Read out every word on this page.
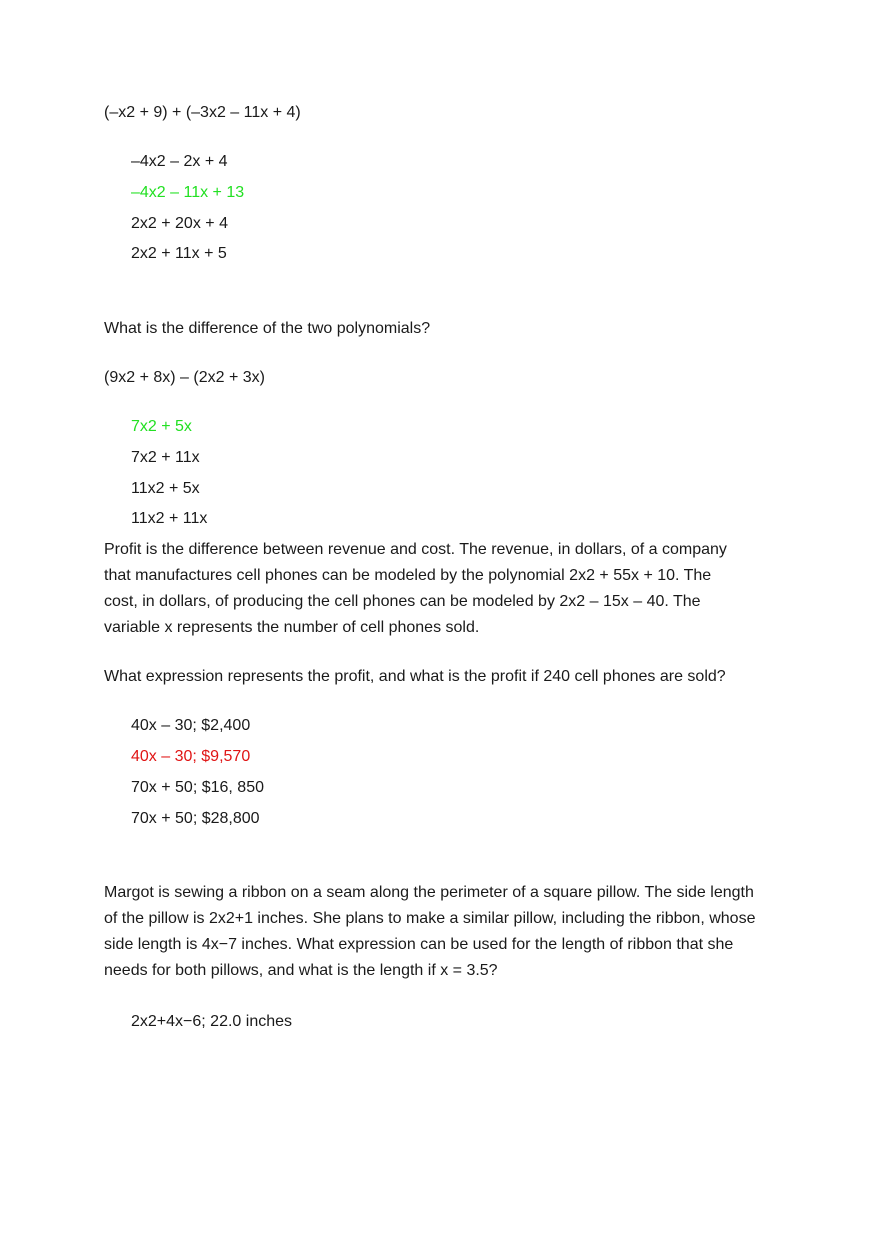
(–x2 + 9) + (–3x2 – 11x + 4)
–4x2 – 2x + 4
–4x2 – 11x + 13
2x2 + 20x + 4
2x2 + 11x + 5
What is the difference of the two polynomials?
(9x2 + 8x) – (2x2 + 3x)
7x2 + 5x
7x2 + 11x
11x2 + 5x
11x2 + 11x
Profit is the difference between revenue and cost. The revenue, in dollars, of a company
that manufactures cell phones can be modeled by the polynomial 2x2 + 55x + 10. The
cost, in dollars, of producing the cell phones can be modeled by 2x2 – 15x – 40. The
variable x represents the number of cell phones sold.
What expression represents the profit, and what is the profit if 240 cell phones are sold?
40x – 30; $2,400
40x – 30; $9,570
70x + 50; $16, 850
70x + 50; $28,800
Margot is sewing a ribbon on a seam along the perimeter of a square pillow. The side length
of the pillow is 2x2+1 inches. She plans to make a similar pillow, including the ribbon, whose
side length is 4x−7 inches. What expression can be used for the length of ribbon that she
needs for both pillows, and what is the length if x = 3.5?
2x2+4x−6; 22.0 inches
